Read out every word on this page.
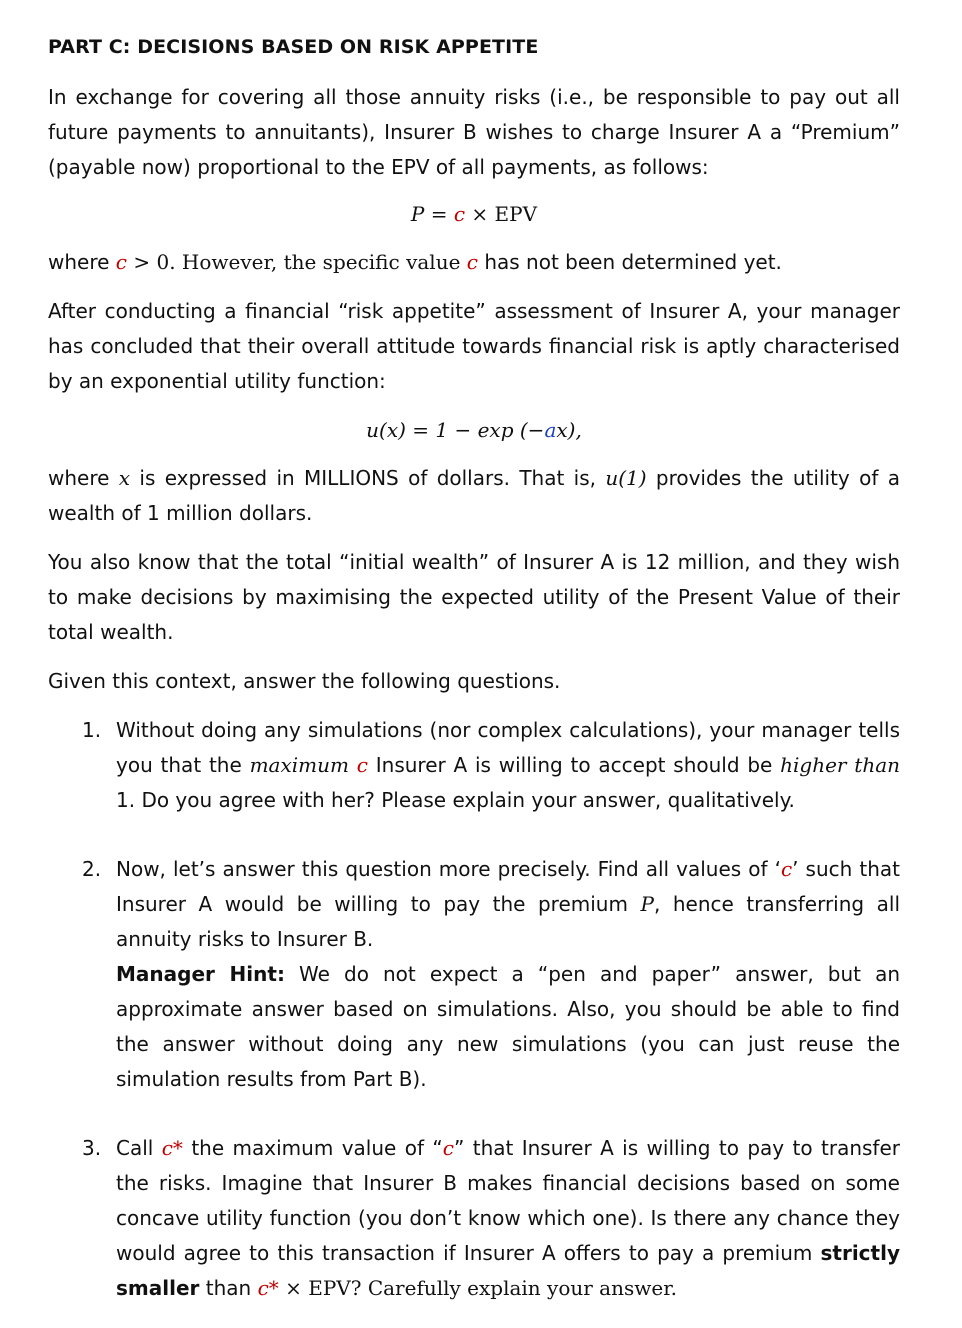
PART C: DECISIONS BASED ON RISK APPETITE

In exchange for covering all those annuity risks (i.e., be responsible to pay out all future payments to annuitants), Insurer B wishes to charge Insurer A a “Premium” (payable now) proportional to the EPV of all payments, as follows:

P = c × EPV

where c > 0. However, the specific value c has not been determined yet.

After conducting a financial “risk appetite” assessment of Insurer A, your manager has concluded that their overall attitude towards financial risk is aptly characterised by an exponential utility function:

u(x) = 1 − exp (−ax),

where x is expressed in MILLIONS of dollars. That is, u(1) provides the utility of a wealth of 1 million dollars.

You also know that the total “initial wealth” of Insurer A is 12 million, and they wish to make decisions by maximising the expected utility of the Present Value of their total wealth.

Given this context, answer the following questions.

1. Without doing any simulations (nor complex calculations), your manager tells you that the maximum c Insurer A is willing to accept should be higher than 1. Do you agree with her? Please explain your answer, qualitatively.
2. Now, let’s answer this question more precisely. Find all values of ‘c’ such that Insurer A would be willing to pay the premium P, hence transferring all annuity risks to Insurer B.
Manager Hint: We do not expect a “pen and paper” answer, but an approximate answer based on simulations. Also, you should be able to find the answer without doing any new simulations (you can just reuse the simulation results from Part B).
3. Call c* the maximum value of “c” that Insurer A is willing to pay to transfer the risks. Imagine that Insurer B makes financial decisions based on some concave utility function (you don’t know which one). Is there any chance they would agree to this transaction if Insurer A offers to pay a premium strictly smaller than c* × EPV? Carefully explain your answer.
